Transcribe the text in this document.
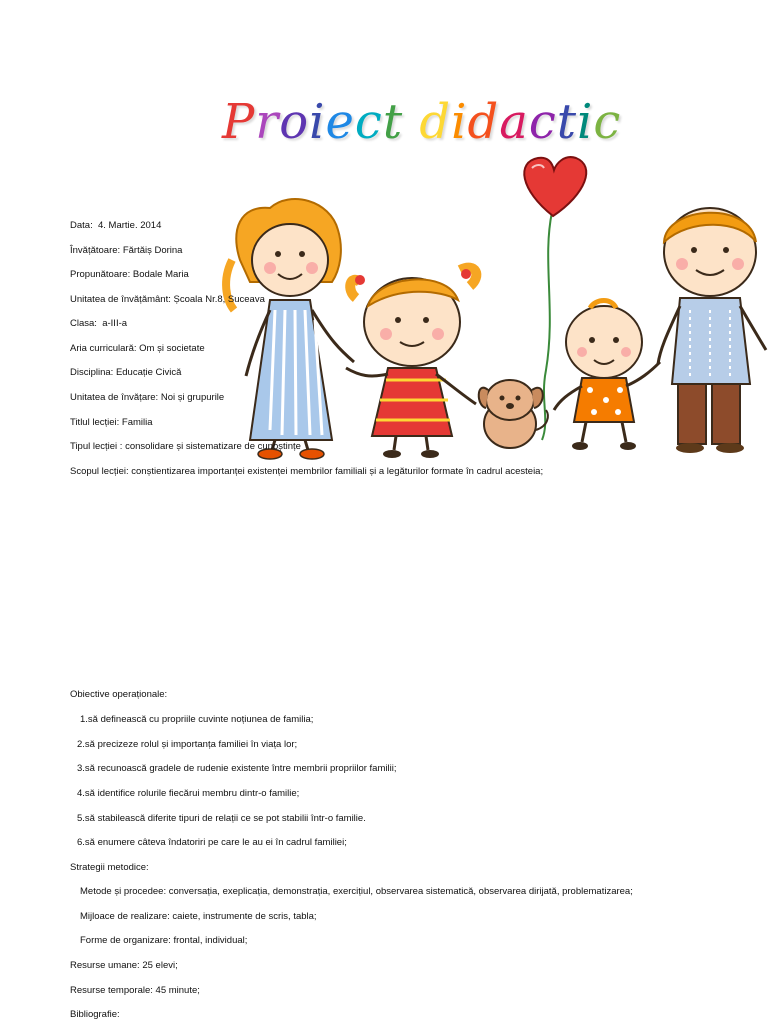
Proiect didactic
Data:  4. Martie. 2014
Învățătoare: Fărtăiș Dorina
Propunătoare: Bodale Maria
Unitatea de învățământ: Școala Nr.8, Suceava
Clasa:  a-III-a
Aria curriculară: Om și societate
Disciplina: Educație Civică
Unitatea de învățare: Noi și grupurile
Titlul lecției: Familia
Tipul lecției : consolidare și sistematizare de cunoștințe
Scopul lecției: conștientizarea importanței existenței membrilor familiali și a legăturilor formate în cadrul acesteia;
Obiective operaționale:
1.să definească cu propriile cuvinte noțiunea de familia;
2.să precizeze rolul și importanța familiei în viața lor;
3.să recunoască gradele de rudenie existente între membrii propriilor familii;
4.să identifice rolurile fiecărui membru dintr-o familie;
5.să stabilească diferite tipuri de relații ce se pot stabilii într-o familie.
6.să enumere câteva îndatoriri pe care le au ei în cadrul familiei;
Strategii metodice:
Metode și procedee: conversația, exeplicația, demonstrația, exercițiul, observarea sistematică, observarea dirijată, problematizarea;
Mijloace de realizare: caiete, instrumente de scris, tabla;
Forme de organizare: frontal, individual;
Resurse umane: 25 elevi;
Resurse temporale: 45 minute;
Bibliografie:
